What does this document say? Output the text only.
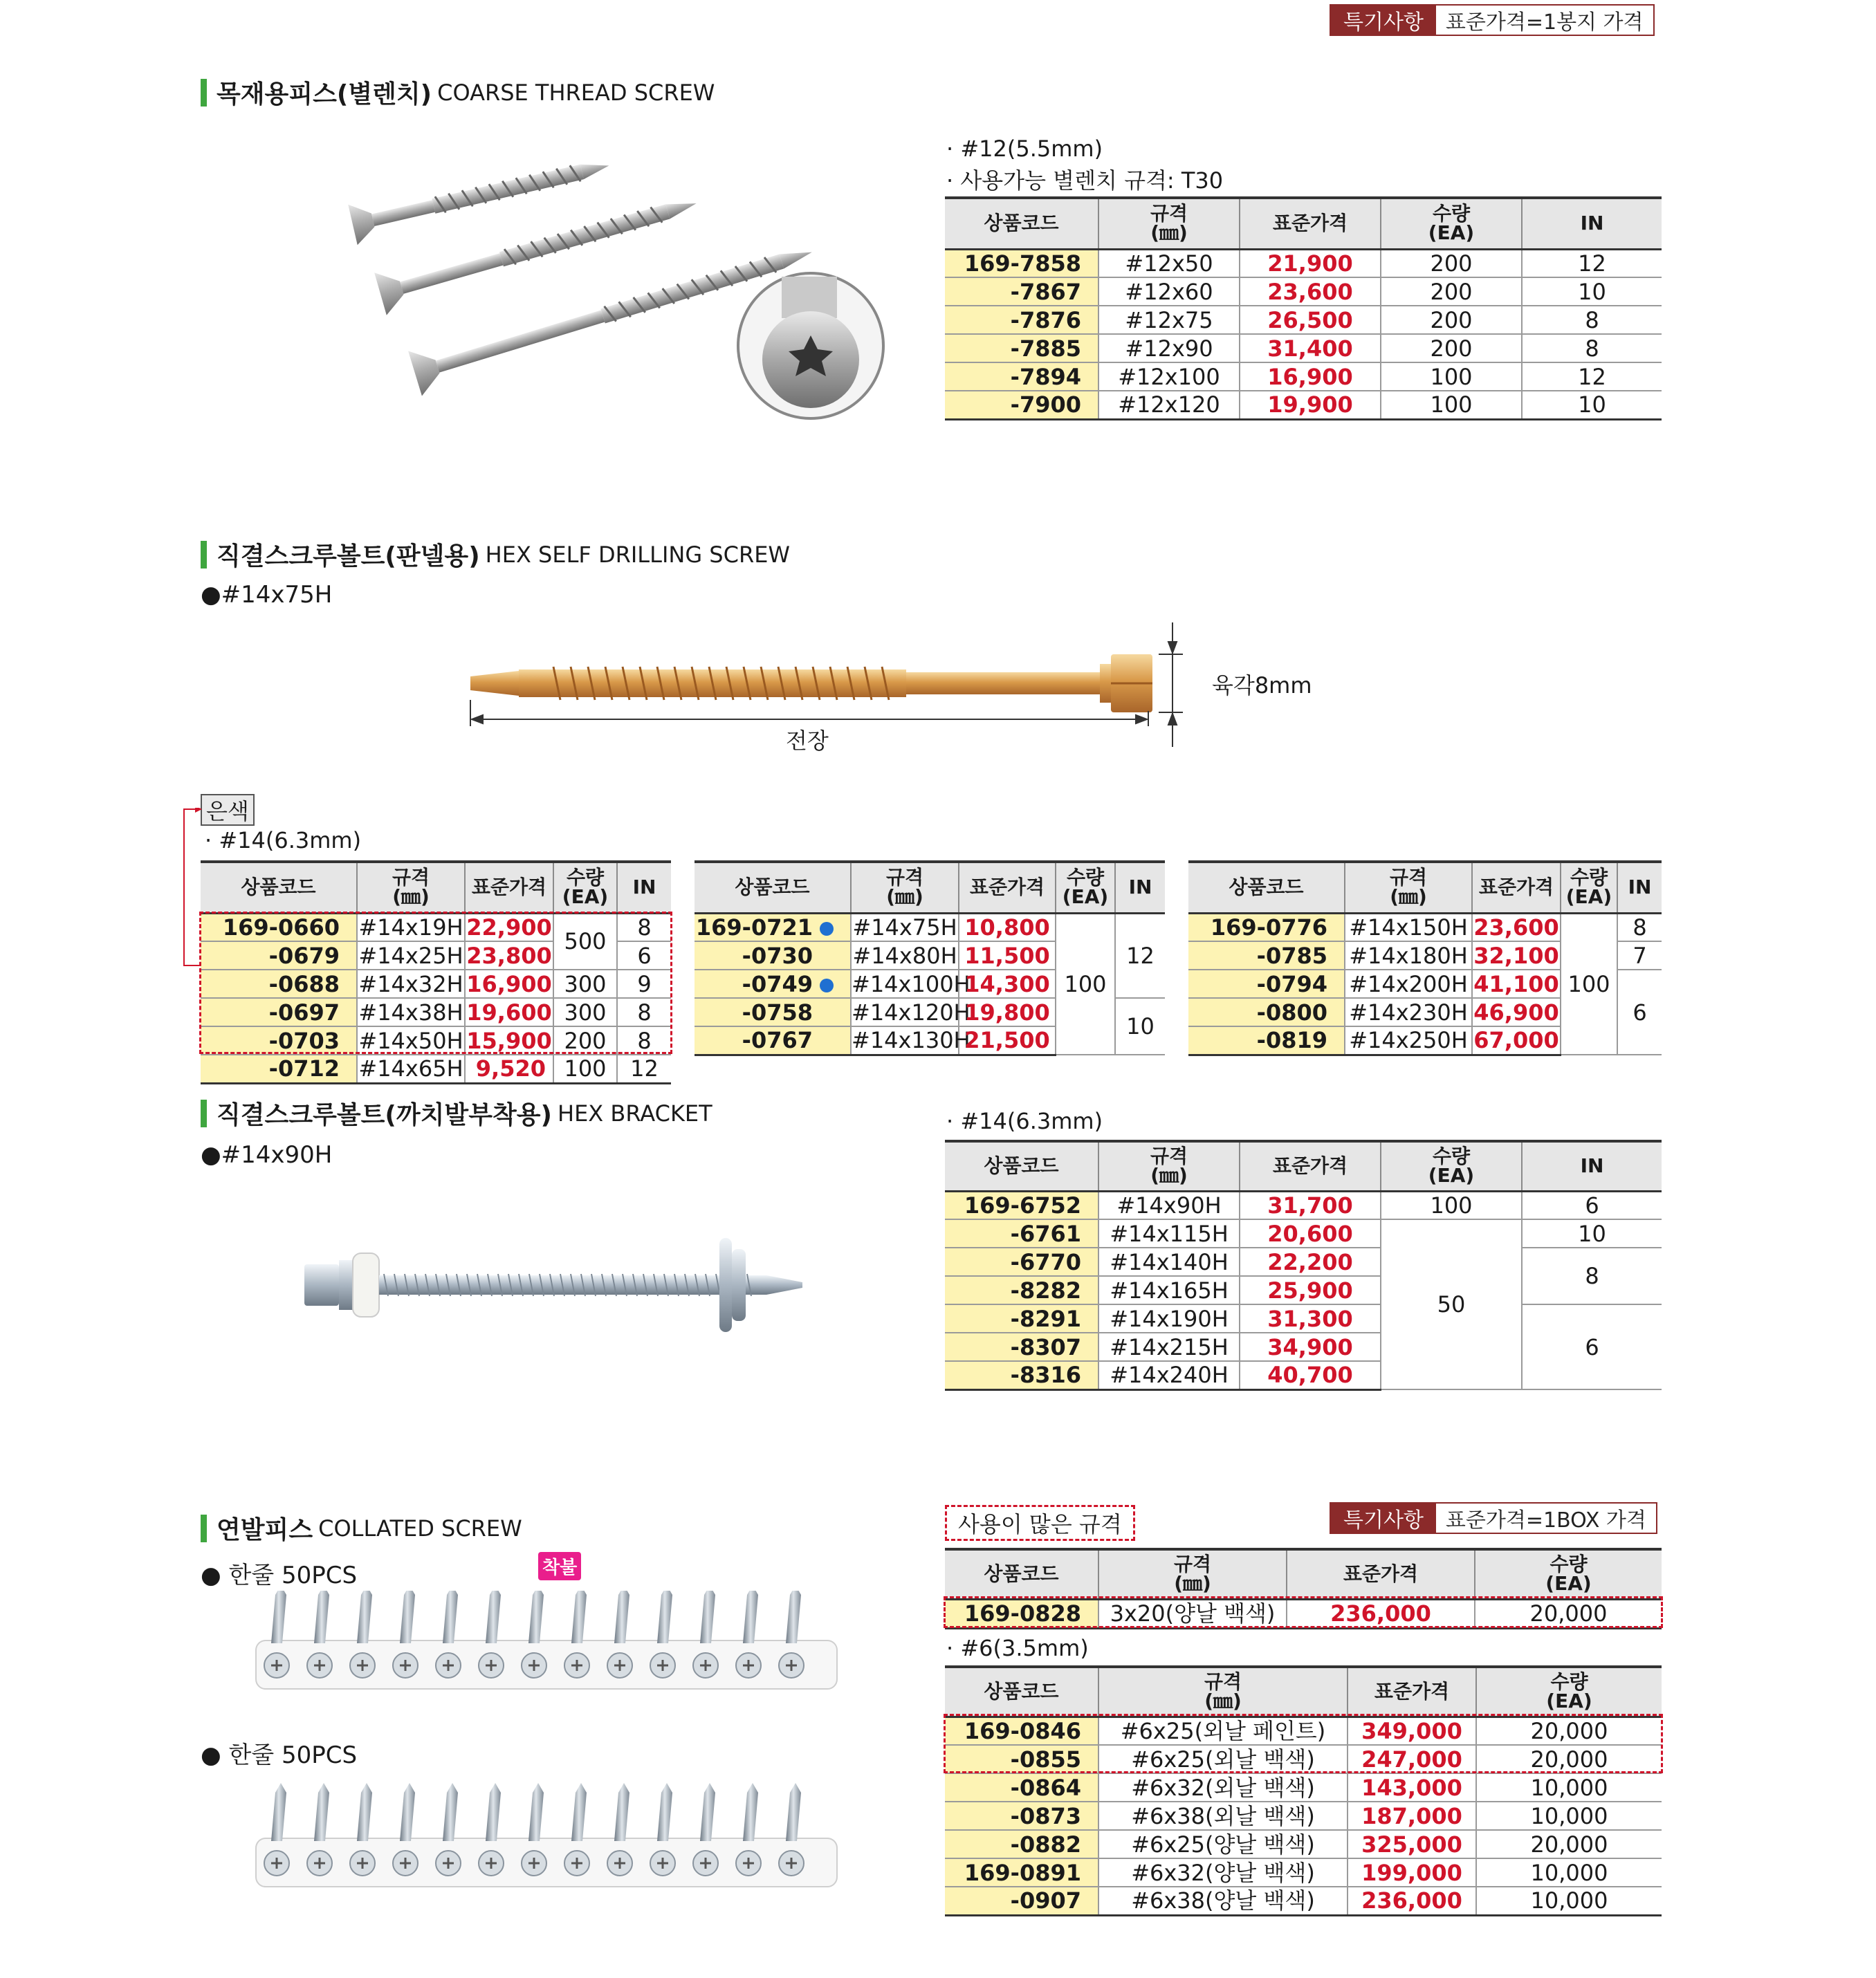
특기사항	표준가격=1봉지 가격
목재용피스(별렌치) COARSE THREAD SCREW
· #12(5.5mm)
· 사용가능 별렌치 규격: T30
상품코드	규격
(㎜)	표준가격	수량
(EA)	IN
169-7858	#12x50	21,900	200	12
-7867	#12x60	23,600	200	10
-7876	#12x75	26,500	200	8
-7885	#12x90	31,400	200	8
-7894	#12x100	16,900	100	12
-7900	#12x120	19,900	100	10
직결스크루볼트(판넬용) HEX SELF DRILLING SCREW
●#14x75H
육각8mm
전장
은색
· #14(6.3mm)
상품코드	규격
(㎜)	표준가격	수량
(EA)	IN
169-0660	#14x19H	22,900	500	8
-0679	#14x25H	23,800		6
-0688	#14x32H	16,900	300	9
-0697	#14x38H	19,600	300	8
-0703	#14x50H	15,900	200	8
-0712	#14x65H	9,520	100	12
상품코드	규격
(㎜)	표준가격	수량
(EA)	IN
169-0721	#14x75H	10,800	100	12
-0730	#14x80H	11,500		
-0749	#14x100H	14,300		
-0758	#14x120H	19,800		10
-0767	#14x130H	21,500		
상품코드	규격
(㎜)	표준가격	수량
(EA)	IN
169-0776	#14x150H	23,600	100	8
-0785	#14x180H	32,100		7
-0794	#14x200H	41,100		6
-0800	#14x230H	46,900		
-0819	#14x250H	67,000		
직결스크루볼트(까치발부착용) HEX BRACKET
●#14x90H
· #14(6.3mm)
상품코드	규격
(㎜)	표준가격	수량
(EA)	IN
169-6752	#14x90H	31,700	100	6
-6761	#14x115H	20,600	50	10
-6770	#14x140H	22,200		8
-8282	#14x165H	25,900		
-8291	#14x190H	31,300		6
-8307	#14x215H	34,900		
-8316	#14x240H	40,700		
연발피스 COLLATED SCREW
● 한줄 50PCS	착불
● 한줄 50PCS
사용이 많은 규격	특기사항	표준가격=1BOX 가격
상품코드	규격
(㎜)	표준가격	수량
(EA)
169-0828	3x20(양날 백색)	236,000	20,000
· #6(3.5mm)
상품코드	규격
(㎜)	표준가격	수량
(EA)
169-0846	#6x25(외날 페인트)	349,000	20,000
-0855	#6x25(외날 백색)	247,000	20,000
-0864	#6x32(외날 백색)	143,000	10,000
-0873	#6x38(외날 백색)	187,000	10,000
-0882	#6x25(양날 백색)	325,000	20,000
169-0891	#6x32(양날 백색)	199,000	10,000
-0907	#6x38(양날 백색)	236,000	10,000
